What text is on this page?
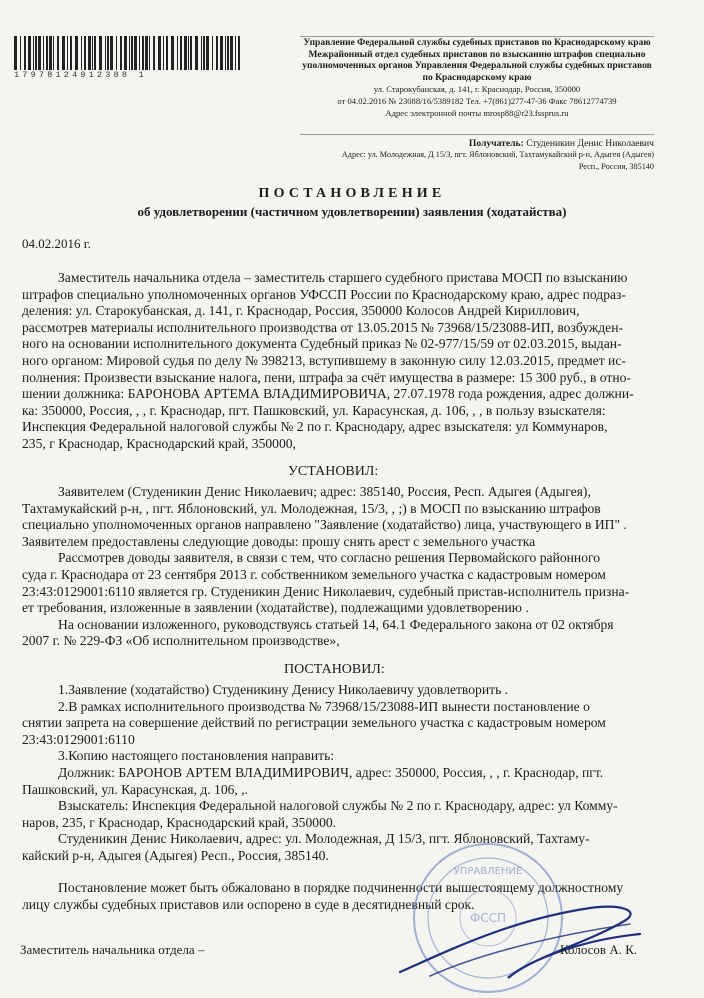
17978124912388 1
Управление Федеральной службы судебных приставов по Краснодарскому краю
Межрайонный отдел судебных приставов по взысканию штрафов специально уполномоченных органов Управления Федеральной службы судебных приставов по Краснодарскому краю
ул. Старокубанская, д. 141, г. Краснодар, Россия, 350000
от 04.02.2016 № 23088/16/5389182 Тел. +7(861)277-47-36 Факс 78612774739
Адрес электронной почты mrosp88@r23.fssprus.ru
Получатель: Студеникин Денис Николаевич
Адрес: ул. Молодежная, Д 15/3, пгт. Яблоновский, Тахтамукайский р-н, Адыгея (Адыгея)
Респ., Россия, 385140
ПОСТАНОВЛЕНИЕ
об удовлетворении (частичном удовлетворении) заявления (ходатайства)
04.02.2016 г.
Заместитель начальника отдела – заместитель старшего судебного пристава МОСП по взысканию
штрафов специально уполномоченных органов УФССП России по Краснодарскому краю, адрес подраз-
деления: ул. Старокубанская, д. 141, г. Краснодар, Россия, 350000 Колосов Андрей Кириллович,
рассмотрев материалы исполнительного производства от 13.05.2015 № 73968/15/23088-ИП, возбужден-
ного на основании исполнительного документа Судебный приказ № 02-977/15/59 от 02.03.2015, выдан-
ного органом: Мировой судья по делу № 398213, вступившему в законную силу 12.03.2015, предмет ис-
полнения: Произвести взыскание налога, пени, штрафа за счёт имущества в размере: 15 300 руб., в отно-
шении должника: БАРОНОВА АРТЕМА ВЛАДИМИРОВИЧА, 27.07.1978 года рождения, адрес должни-
ка: 350000, Россия, , , г. Краснодар, пгт. Пашковский, ул. Карасунская, д. 106, , , в пользу взыскателя:
Инспекция Федеральной налоговой службы № 2 по г. Краснодару, адрес взыскателя: ул Коммунаров,
235, г Краснодар, Краснодарский край, 350000,
УСТАНОВИЛ:
Заявителем (Студеникин Денис Николаевич; адрес: 385140, Россия, Респ. Адыгея (Адыгея),
Тахтамукайский р-н, , пгт. Яблоновский, ул. Молодежная, 15/3, , ;) в МОСП по взысканию штрафов
специально уполномоченных органов направлено "Заявление (ходатайство) лица, участвующего в ИП" .
Заявителем предоставлены следующие доводы: прошу снять арест с земельного участка
Рассмотрев доводы заявителя, в связи с тем, что согласно решения Первомайского районного
суда г. Краснодара от 23 сентября 2013 г. собственником земельного участка с кадастровым номером
23:43:0129001:6110 является гр. Студеникин Денис Николаевич, судебный пристав-исполнитель призна-
ет требования, изложенные в заявлении (ходатайстве), подлежащими удовлетворению .
На основании изложенного, руководствуясь статьей 14, 64.1 Федерального закона от 02 октября
2007 г. № 229-ФЗ «Об исполнительном производстве»,
ПОСТАНОВИЛ:
1.Заявление (ходатайство) Студеникину Денису Николаевичу удовлетворить .
2.В рамках исполнительного производства № 73968/15/23088-ИП вынести постановление о
снятии запрета на совершение действий по регистрации земельного участка с кадастровым номером
23:43:0129001:6110
3.Копию настоящего постановления направить:
Должник: БАРОНОВ АРТЕМ ВЛАДИМИРОВИЧ, адрес: 350000, Россия, , , г. Краснодар, пгт.
Пашковский, ул. Карасунская, д. 106, ,.
Взыскатель: Инспекция Федеральной налоговой службы № 2 по г. Краснодару, адрес: ул Комму-
наров, 235, г Краснодар, Краснодарский край, 350000.
Студеникин Денис Николаевич, адрес: ул. Молодежная, Д 15/3, пгт. Яблоновский, Тахтаму-
кайский р-н, Адыгея (Адыгея) Респ., Россия, 385140.
Постановление может быть обжаловано в порядке подчиненности вышестоящему должностному
лицу службы судебных приставов или оспорено в суде в десятидневный срок.
УПРАВЛЕНИЕ
ФССП
Заместитель начальника отдела –	Колосов А. К.
